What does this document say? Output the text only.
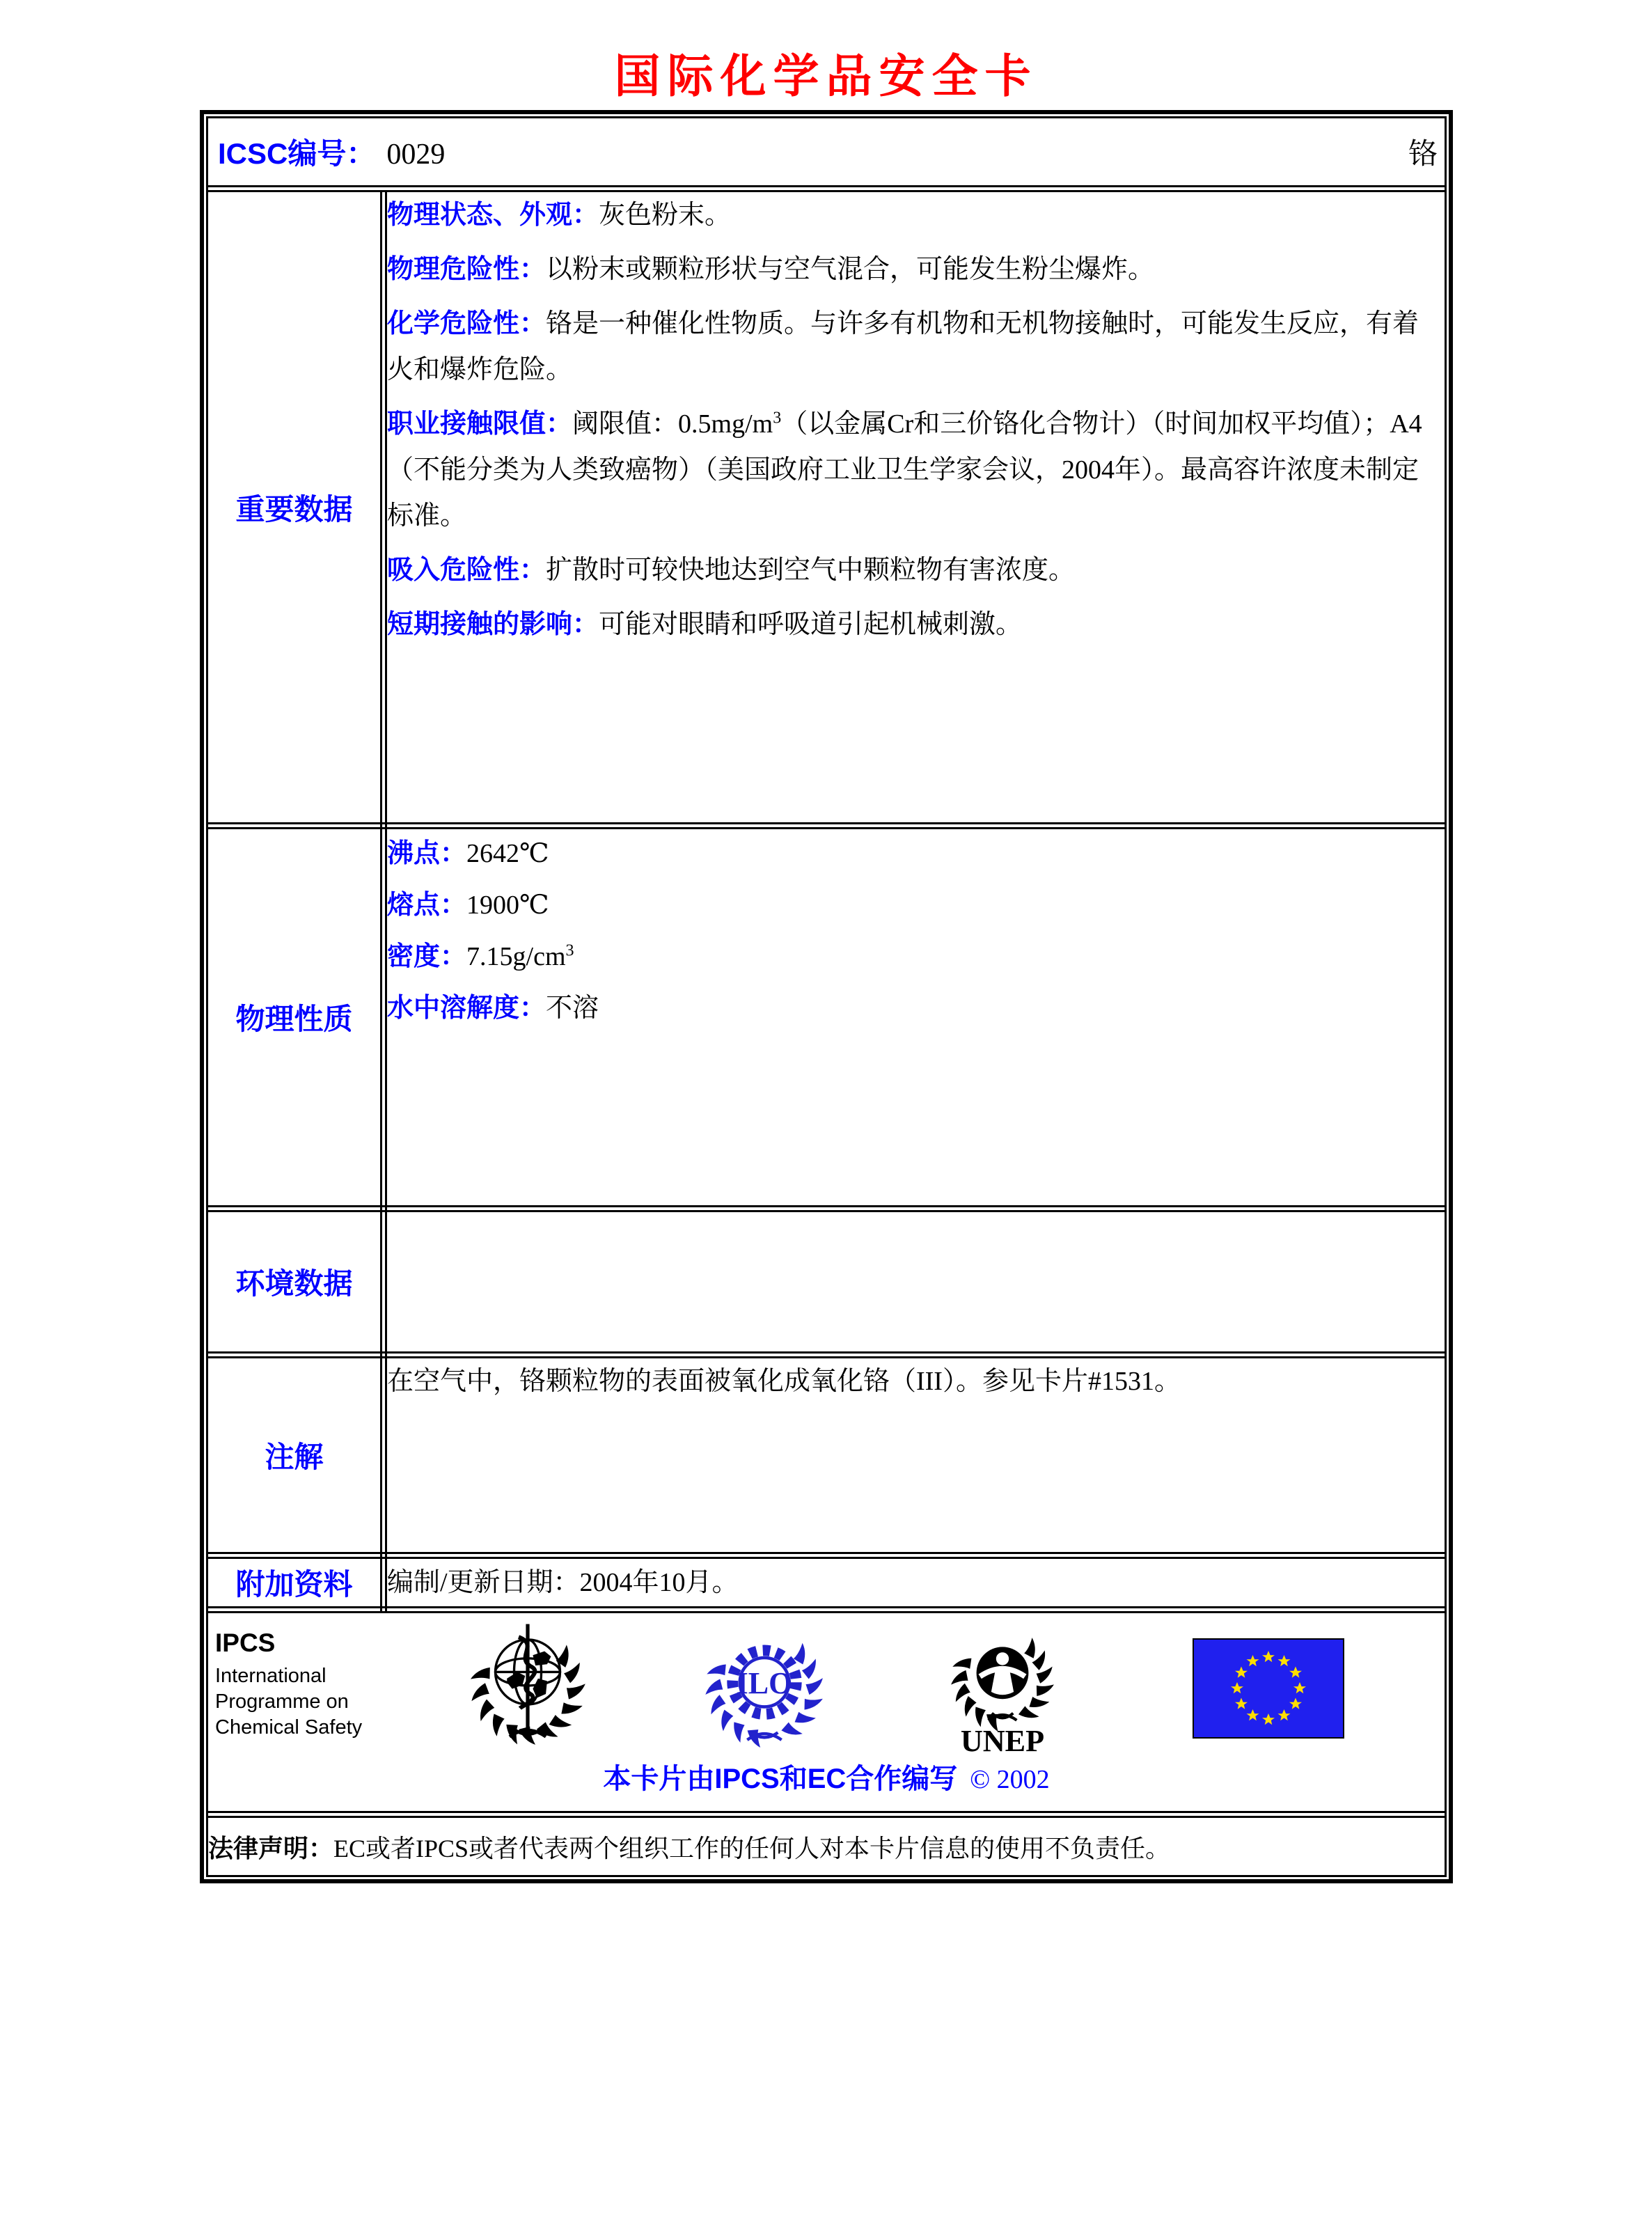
国际化学品安全卡
ICSC编号： 0029 铬	

重要数据	
物理状态、外观：灰色粉末。
物理危险性：以粉末或颗粒形状与空气混合，可能发生粉尘爆炸。
化学危险性：铬是一种催化性物质。与许多有机物和无机物接触时，可能发生反应，有着火和爆炸危险。
职业接触限值：阈限值：$0.5mg/m^3$（以金属Cr和三价铬化合物计）（时间加权平均值）；A4（不能分类为人类致癌物）（美国政府工业卫生学家会议，2004年）。最高容许浓度未制定标准。
吸入危险性：扩散时可较快地达到空气中颗粒物有害浓度。
短期接触的影响：可能对眼睛和呼吸道引起机械刺激。

物理性质	沸点：2642℃
熔点：1900℃
密度：$7.15g/cm^3$
水中溶解度：不溶

环境数据	
注解	在空气中，铬颗粒物的表面被氧化成氧化铬（III）。参见卡片#1531。
附加资料	编制/更新日期：2004年10月。

IPCS
International
Programme on
Chemical Safety
ILO
UNEP
本卡片由IPCS和EC合作编写 © 2002

法律声明：EC或者IPCS或者代表两个组织工作的任何人对本卡片信息的使用不负责任。	
